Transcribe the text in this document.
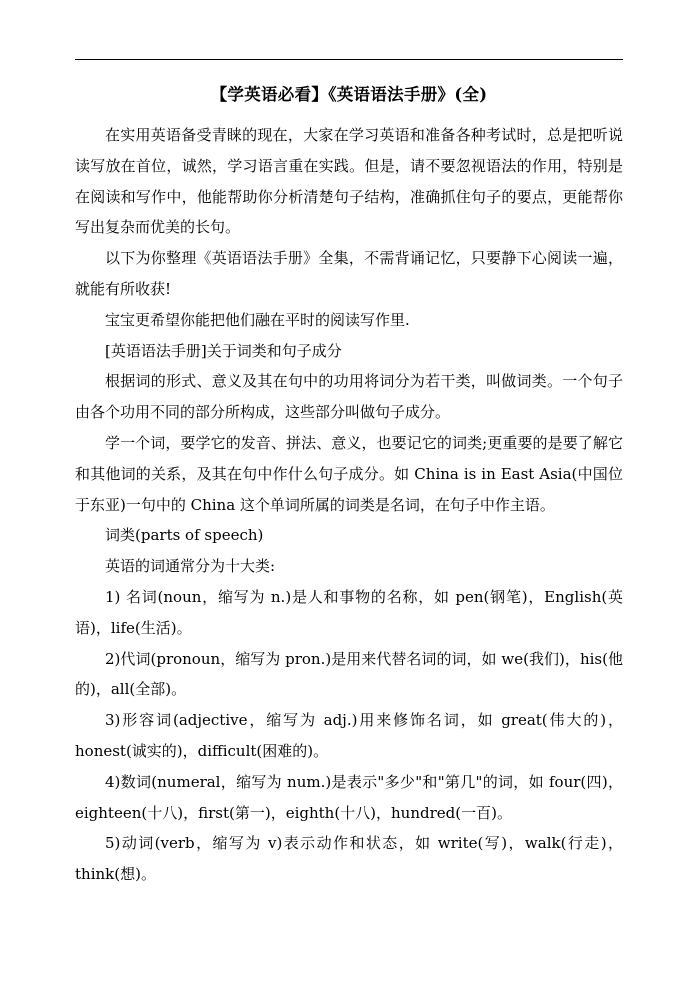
【学英语必看】《英语语法手册》(全)

在实用英语备受青睐的现在，大家在学习英语和准备各种考试时，总是把听说读写放在首位，诚然，学习语言重在实践。但是，请不要忽视语法的作用，特别是在阅读和写作中，他能帮助你分析清楚句子结构，准确抓住句子的要点，更能帮你写出复杂而优美的长句。

以下为你整理《英语语法手册》全集，不需背诵记忆，只要静下心阅读一遍，就能有所收获!

宝宝更希望你能把他们融在平时的阅读写作里.

[英语语法手册]关于词类和句子成分

根据词的形式、意义及其在句中的功用将词分为若干类，叫做词类。一个句子由各个功用不同的部分所构成，这些部分叫做句子成分。

学一个词，要学它的发音、拼法、意义，也要记它的词类;更重要的是要了解它和其他词的关系，及其在句中作什么句子成分。如 China is in East Asia(中国位于东亚)一句中的 China 这个单词所属的词类是名词，在句子中作主语。

词类(parts of speech)

英语的词通常分为十大类:

1) 名词(noun，缩写为 n.)是人和事物的名称，如 pen(钢笔)，English(英语)，life(生活)。

2)代词(pronoun，缩写为 pron.)是用来代替名词的词，如 we(我们)，his(他的)，all(全部)。

3)形容词(adjective，缩写为 adj.)用来修饰名词，如 great(伟大的)，honest(诚实的)，difficult(困难的)。

4)数词(numeral，缩写为 num.)是表示"多少"和"第几"的词，如 four(四)，eighteen(十八)，first(第一)，eighth(十八)，hundred(一百)。

5)动词(verb，缩写为 v)表示动作和状态，如 write(写)，walk(行走)，think(想)。
